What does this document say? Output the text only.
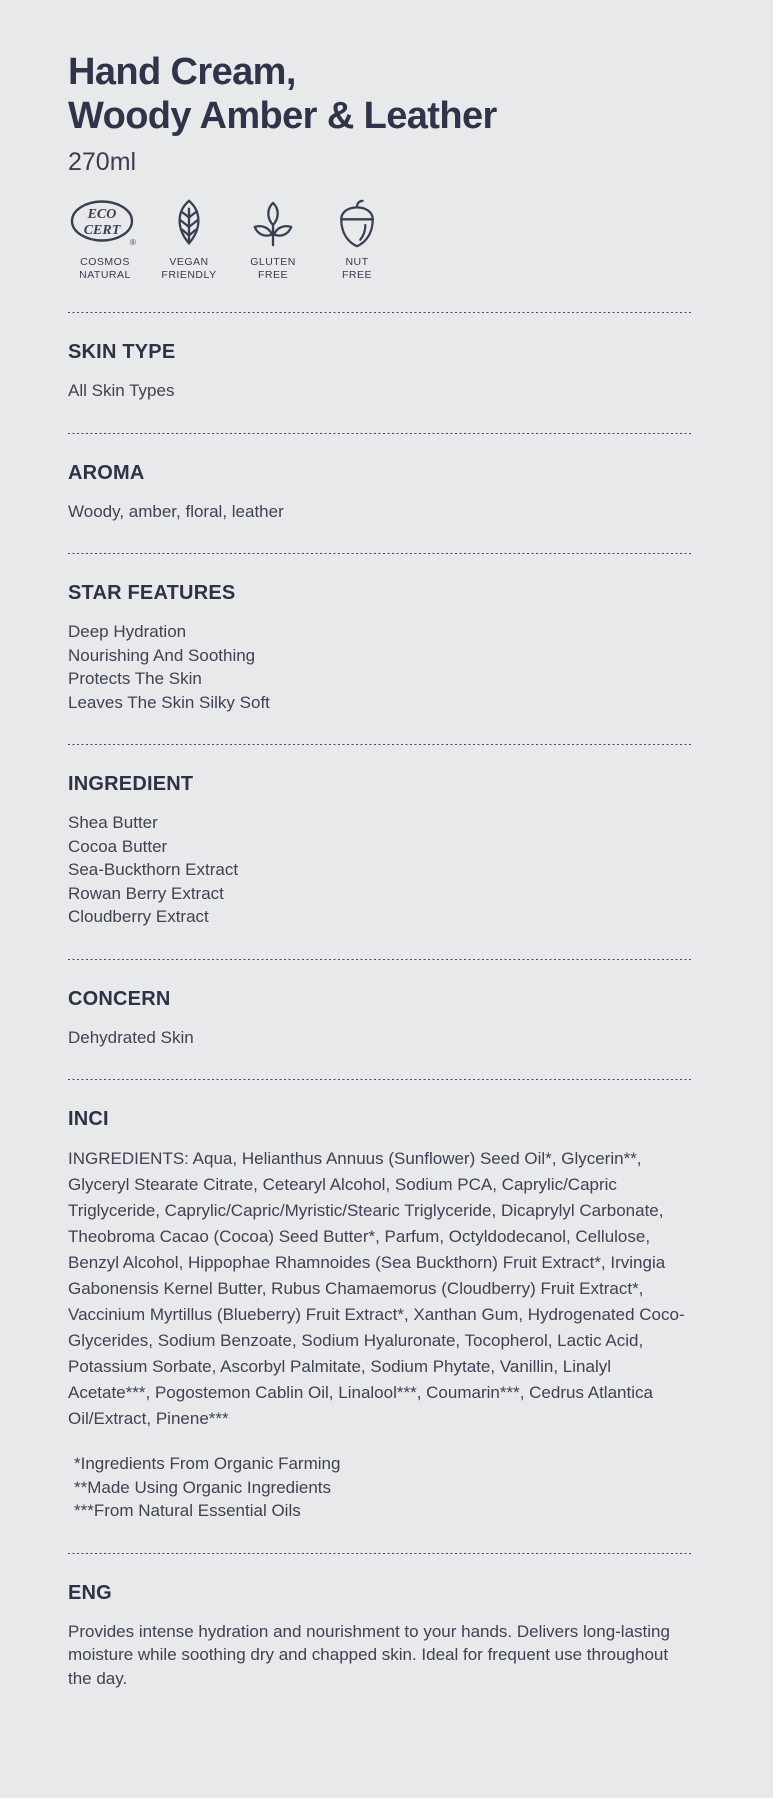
Hand Cream,
Woody Amber & Leather
270ml
ECO
CERT
®
COSMOS
NATURAL
VEGAN
FRIENDLY
GLUTEN
FREE
NUT
FREE
SKIN TYPE

All Skin Types

AROMA

Woody, amber, floral, leather

STAR FEATURES

Deep Hydration

Nourishing And Soothing

Protects The Skin

Leaves The Skin Silky Soft

INGREDIENT

Shea Butter

Cocoa Butter

Sea-Buckthorn Extract

Rowan Berry Extract

Cloudberry Extract

CONCERN

Dehydrated Skin

INCI

INGREDIENTS: Aqua, Helianthus Annuus (Sunflower) Seed Oil*, Glycerin**, Glyceryl Stearate Citrate, Cetearyl Alcohol, Sodium PCA, Caprylic/Capric Triglyceride, Caprylic/Capric/Myristic/Stearic Triglyceride, Dicaprylyl Carbonate, Theobroma Cacao (Cocoa) Seed Butter*, Parfum, Octyldodecanol, Cellulose, Benzyl Alcohol, Hippophae Rhamnoides (Sea Buckthorn) Fruit Extract*, Irvingia Gabonensis Kernel Butter, Rubus Chamaemorus (Cloudberry) Fruit Extract*, Vaccinium Myrtillus (Blueberry) Fruit Extract*, Xanthan Gum, Hydrogenated Coco-Glycerides, Sodium Benzoate, Sodium Hyaluronate, Tocopherol, Lactic Acid, Potassium Sorbate, Ascorbyl Palmitate, Sodium Phytate, Vanillin, Linalyl Acetate***, Pogostemon Cablin Oil, Linalool***, Coumarin***, Cedrus Atlantica Oil/Extract, Pinene***

*Ingredients From Organic Farming

**Made Using Organic Ingredients

***From Natural Essential Oils

ENG

Provides intense hydration and nourishment to your hands. Delivers long-lasting moisture while soothing dry and chapped skin. Ideal for frequent use throughout the day.
